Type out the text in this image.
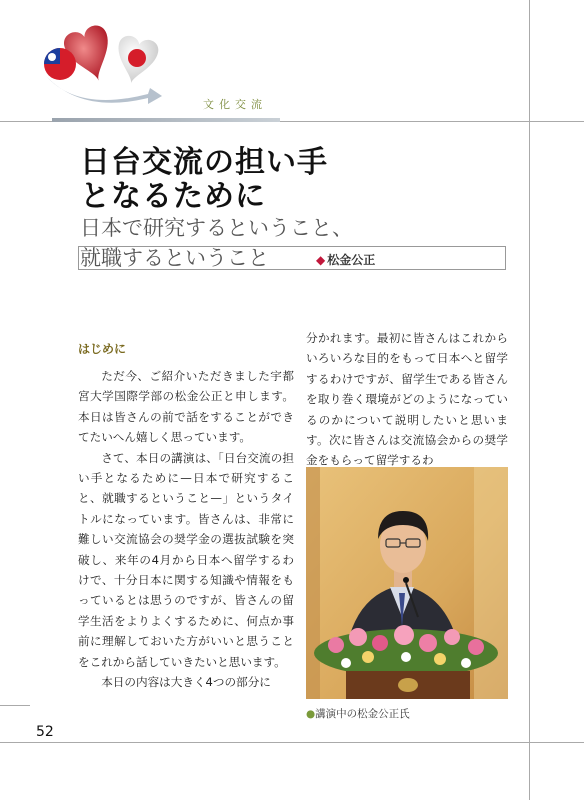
文化交流
日台交流の担い手
となるために
日本で研究するということ、
就職するということ	◆ 松金公正
はじめに

ただ今、ご紹介いただきました宇都宮大学国際学部の松金公正と申します。本日は皆さんの前で話をすることができてたいへん嬉しく思っています。

さて、本日の講演は、「日台交流の担い手となるために—日本で研究すること、就職するということ—」というタイトルになっています。皆さんは、非常に難しい交流協会の奨学金の選抜試験を突破し、来年の4月から日本へ留学するわけで、十分日本に関する知識や情報をもっているとは思うのですが、皆さんの留学生活をよりよくするために、何点か事前に理解しておいた方がいいと思うことをこれから話していきたいと思います。

本日の内容は大きく4つの部分に

分かれます。最初に皆さんはこれからいろいろな目的をもって日本へと留学するわけですが、留学生である皆さんを取り巻く環境がどのようになっているのかについて説明したいと思います。次に皆さんは交流協会からの奨学金をもらって留学するわ

●講演中の松金公正氏
52
